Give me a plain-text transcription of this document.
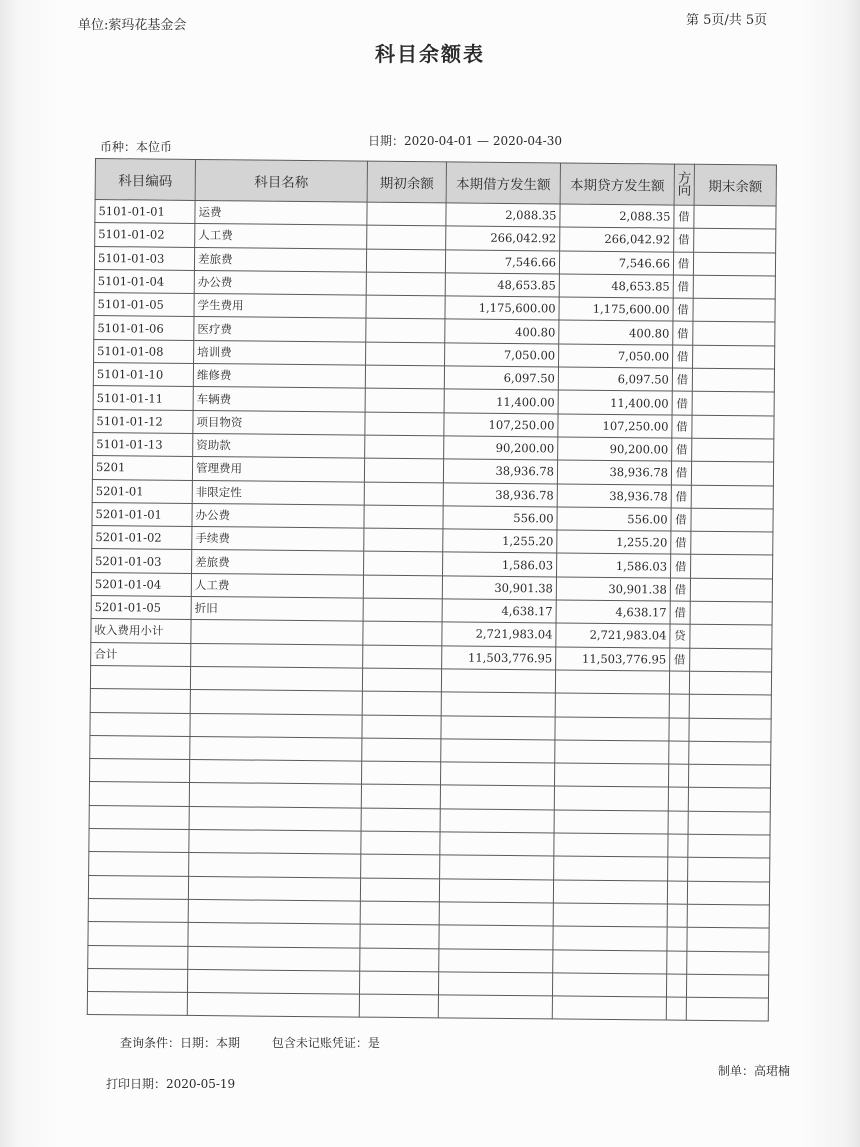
单位:萦玛花基金会	第 5页/共 5页
科目余额表
币种：本位币	日期：2020-04-01 — 2020-04-30
科目编码	科目名称	期初余额	本期借方发生额	本期贷方发生额	方向	期末余额
5101-01-01	运费		2,088.35	2,088.35	借	
5101-01-02	人工费		266,042.92	266,042.92	借	
5101-01-03	差旅费		7,546.66	7,546.66	借	
5101-01-04	办公费		48,653.85	48,653.85	借	
5101-01-05	学生费用		1,175,600.00	1,175,600.00	借	
5101-01-06	医疗费		400.80	400.80	借	
5101-01-08	培训费		7,050.00	7,050.00	借	
5101-01-10	维修费		6,097.50	6,097.50	借	
5101-01-11	车辆费		11,400.00	11,400.00	借	
5101-01-12	项目物资		107,250.00	107,250.00	借	
5101-01-13	资助款		90,200.00	90,200.00	借	
5201	管理费用		38,936.78	38,936.78	借	
5201-01	非限定性		38,936.78	38,936.78	借	
5201-01-01	办公费		556.00	556.00	借	
5201-01-02	手续费		1,255.20	1,255.20	借	
5201-01-03	差旅费		1,586.03	1,586.03	借	
5201-01-04	人工费		30,901.38	30,901.38	借	
5201-01-05	折旧		4,638.17	4,638.17	借	
收入费用小计			2,721,983.04	2,721,983.04	贷	
合计			11,503,776.95	11,503,776.95	借	

查询条件：日期：本期	包含未记账凭证：是
打印日期：2020-05-19
制单：高珺楠
